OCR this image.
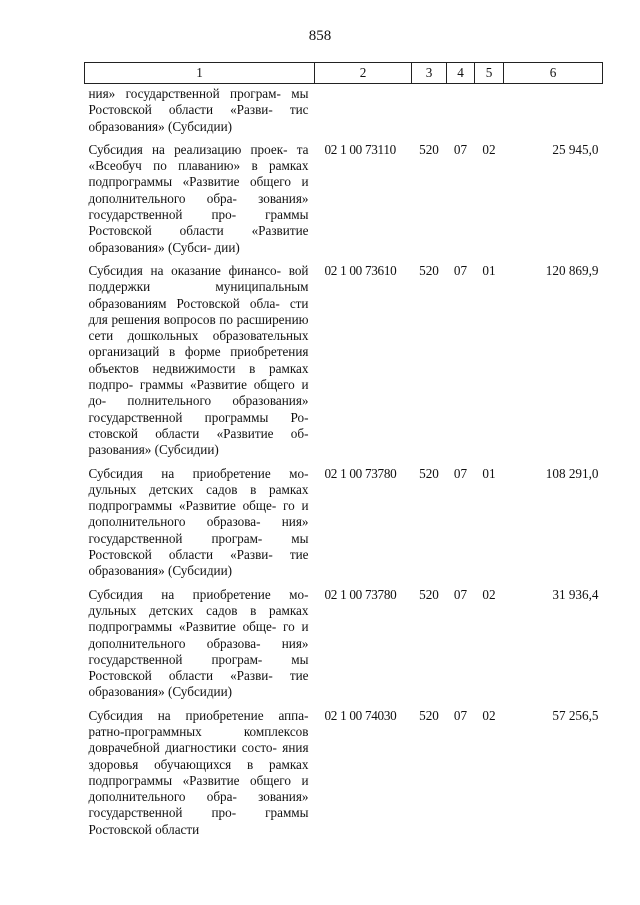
858
1	2	3	4	5	6
ния» государственной програм- мы Ростовской области «Разви- тис образования» (Субсидии)					
Субсидия на реализацию проек- та «Всеобуч по плаванию» в рамках подпрограммы «Развитие общего и дополнительного обра- зования» государственной про- граммы Ростовской области «Развитие образования» (Субси- дии)	02 1 00 73110	520	07	02	25 945,0
Субсидия на оказание финансо- вой поддержки муниципальным образованиям Ростовской обла- сти для решения вопросов по расширению сети дошкольных образовательных организаций в форме приобретения объектов недвижимости в рамках подпро- граммы «Развитие общего и до- полнительного образования» государственной программы Ро- стовской области «Развитие об- разования» (Субсидии)	02 1 00 73610	520	07	01	120 869,9
Субсидия на приобретение мо- дульных детских садов в рамках подпрограммы «Развитие обще- го и дополнительного образова- ния» государственной програм- мы Ростовской области «Разви- тие образования» (Субсидии)	02 1 00 73780	520	07	01	108 291,0
Субсидия на приобретение мо- дульных детских садов в рамках подпрограммы «Развитие обще- го и дополнительного образова- ния» государственной програм- мы Ростовской области «Разви- тие образования» (Субсидии)	02 1 00 73780	520	07	02	31 936,4
Субсидия на приобретение аппа- ратно-программных комплексов доврачебной диагностики состо- яния здоровья обучающихся в рамках подпрограммы «Развитие общего и дополнительного обра- зования» государственной про- граммы Ростовской области	02 1 00 74030	520	07	02	57 256,5
